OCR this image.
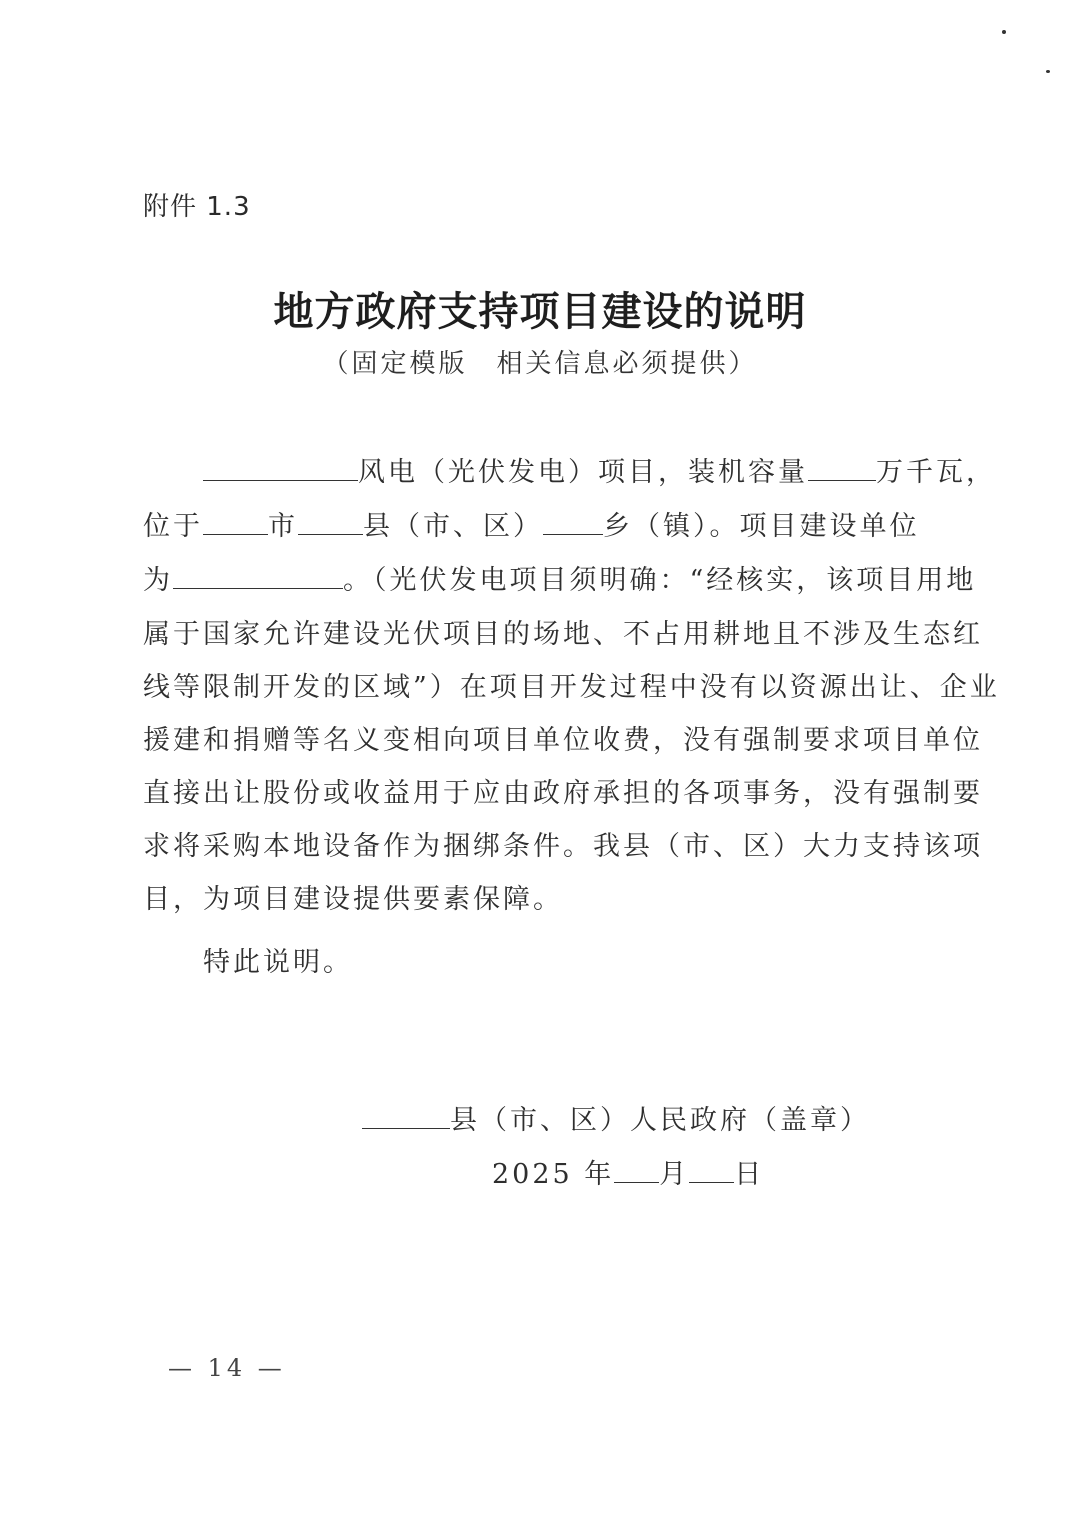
附件 1.3
地方政府支持项目建设的说明
（固定模版　相关信息必须提供）
风电（光伏发电）项目，装机容量	万千瓦，
位于 市 县（市、区） 乡（镇）。项目建设单位
为	。（光伏发电项目须明确：“经核实，该项目用地
属于国家允许建设光伏项目的场地、不占用耕地且不涉及生态红
线等限制开发的区域”）在项目开发过程中没有以资源出让、企业
援建和捐赠等名义变相向项目单位收费，没有强制要求项目单位
直接出让股份或收益用于应由政府承担的各项事务，没有强制要
求将采购本地设备作为捆绑条件。我县（市、区）大力支持该项
目，为项目建设提供要素保障。
特此说明。
县（市、区）人民政府（盖章）
2025 年 月 日
— 14 —
